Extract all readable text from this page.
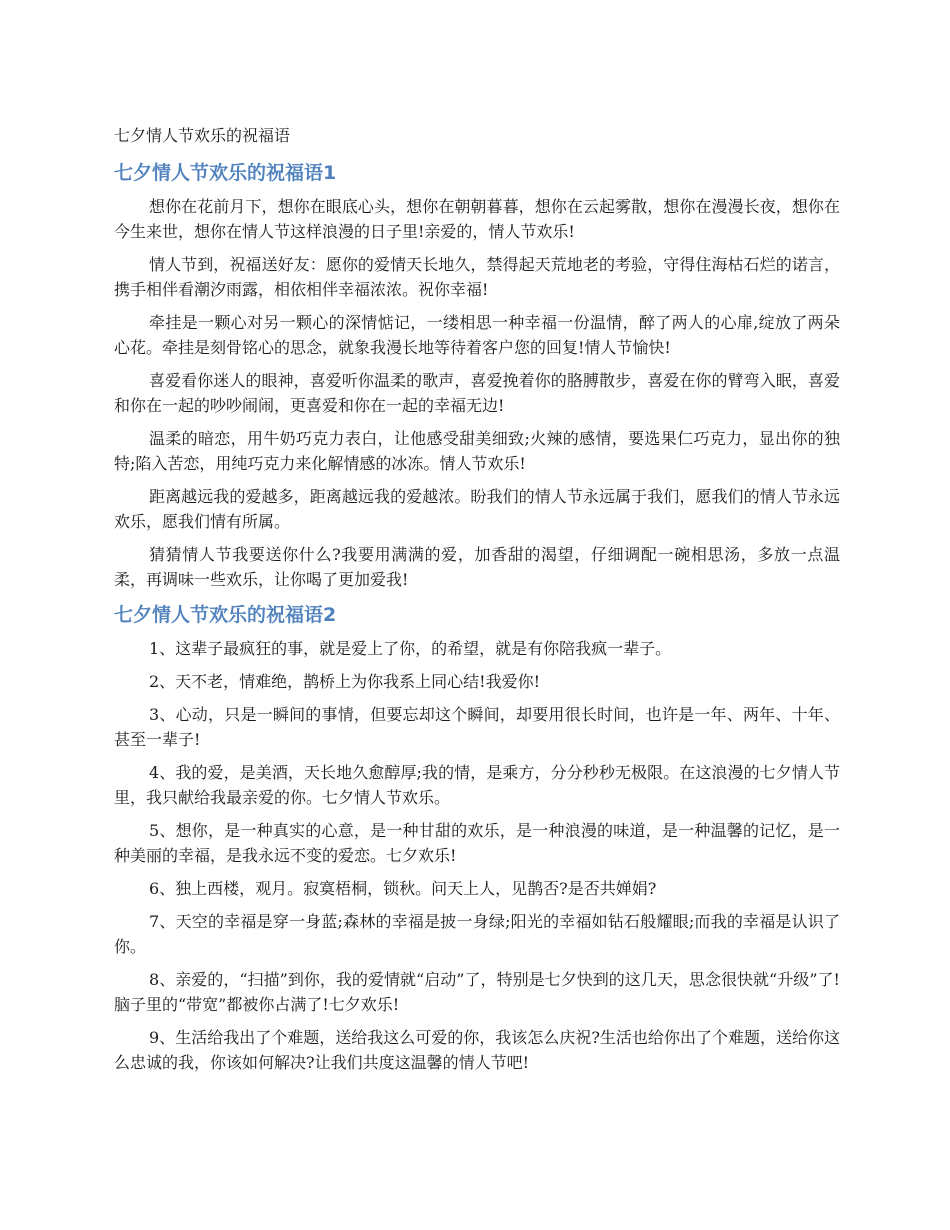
七夕情人节欢乐的祝福语
七夕情人节欢乐的祝福语1

想你在花前月下，想你在眼底心头，想你在朝朝暮暮，想你在云起雾散，想你在漫漫长夜，想你在今生来世，想你在情人节这样浪漫的日子里!亲爱的，情人节欢乐!

情人节到，祝福送好友：愿你的爱情天长地久，禁得起天荒地老的考验，守得住海枯石烂的诺言，携手相伴看潮汐雨露，相依相伴幸福浓浓。祝你幸福!

牵挂是一颗心对另一颗心的深情惦记，一缕相思一种幸福一份温情，醉了两人的心扉,绽放了两朵心花。牵挂是刻骨铭心的思念，就象我漫长地等待着客户您的回复!情人节愉快!

喜爱看你迷人的眼神，喜爱听你温柔的歌声，喜爱挽着你的胳膊散步，喜爱在你的臂弯入眠，喜爱和你在一起的吵吵闹闹，更喜爱和你在一起的幸福无边!

温柔的暗恋，用牛奶巧克力表白，让他感受甜美细致;火辣的感情，要选果仁巧克力，显出你的独特;陷入苦恋，用纯巧克力来化解情感的冰冻。情人节欢乐!

距离越远我的爱越多，距离越远我的爱越浓。盼我们的情人节永远属于我们，愿我们的情人节永远欢乐，愿我们情有所属。

猜猜情人节我要送你什么?我要用满满的爱，加香甜的渴望，仔细调配一碗相思汤，多放一点温柔，再调味一些欢乐，让你喝了更加爱我!

七夕情人节欢乐的祝福语2

1、这辈子最疯狂的事，就是爱上了你，的希望，就是有你陪我疯一辈子。

2、天不老，情难绝，鹊桥上为你我系上同心结!我爱你!

3、心动，只是一瞬间的事情，但要忘却这个瞬间，却要用很长时间，也许是一年、两年、十年、甚至一辈子!

4、我的爱，是美酒，天长地久愈醇厚;我的情，是乘方，分分秒秒无极限。在这浪漫的七夕情人节里，我只献给我最亲爱的你。七夕情人节欢乐。

5、想你，是一种真实的心意，是一种甘甜的欢乐，是一种浪漫的味道，是一种温馨的记忆，是一种美丽的幸福，是我永远不变的爱恋。七夕欢乐!

6、独上西楼，观月。寂寞梧桐，锁秋。问天上人，见鹊否?是否共婵娟?

7、天空的幸福是穿一身蓝;森林的幸福是披一身绿;阳光的幸福如钻石般耀眼;而我的幸福是认识了你。

8、亲爱的，“扫描”到你，我的爱情就“启动”了，特别是七夕快到的这几天，思念很快就“升级”了!脑子里的“带宽”都被你占满了!七夕欢乐!

9、生活给我出了个难题，送给我这么可爱的你，我该怎么庆祝?生活也给你出了个难题，送给你这么忠诚的我，你该如何解决?让我们共度这温馨的情人节吧!
